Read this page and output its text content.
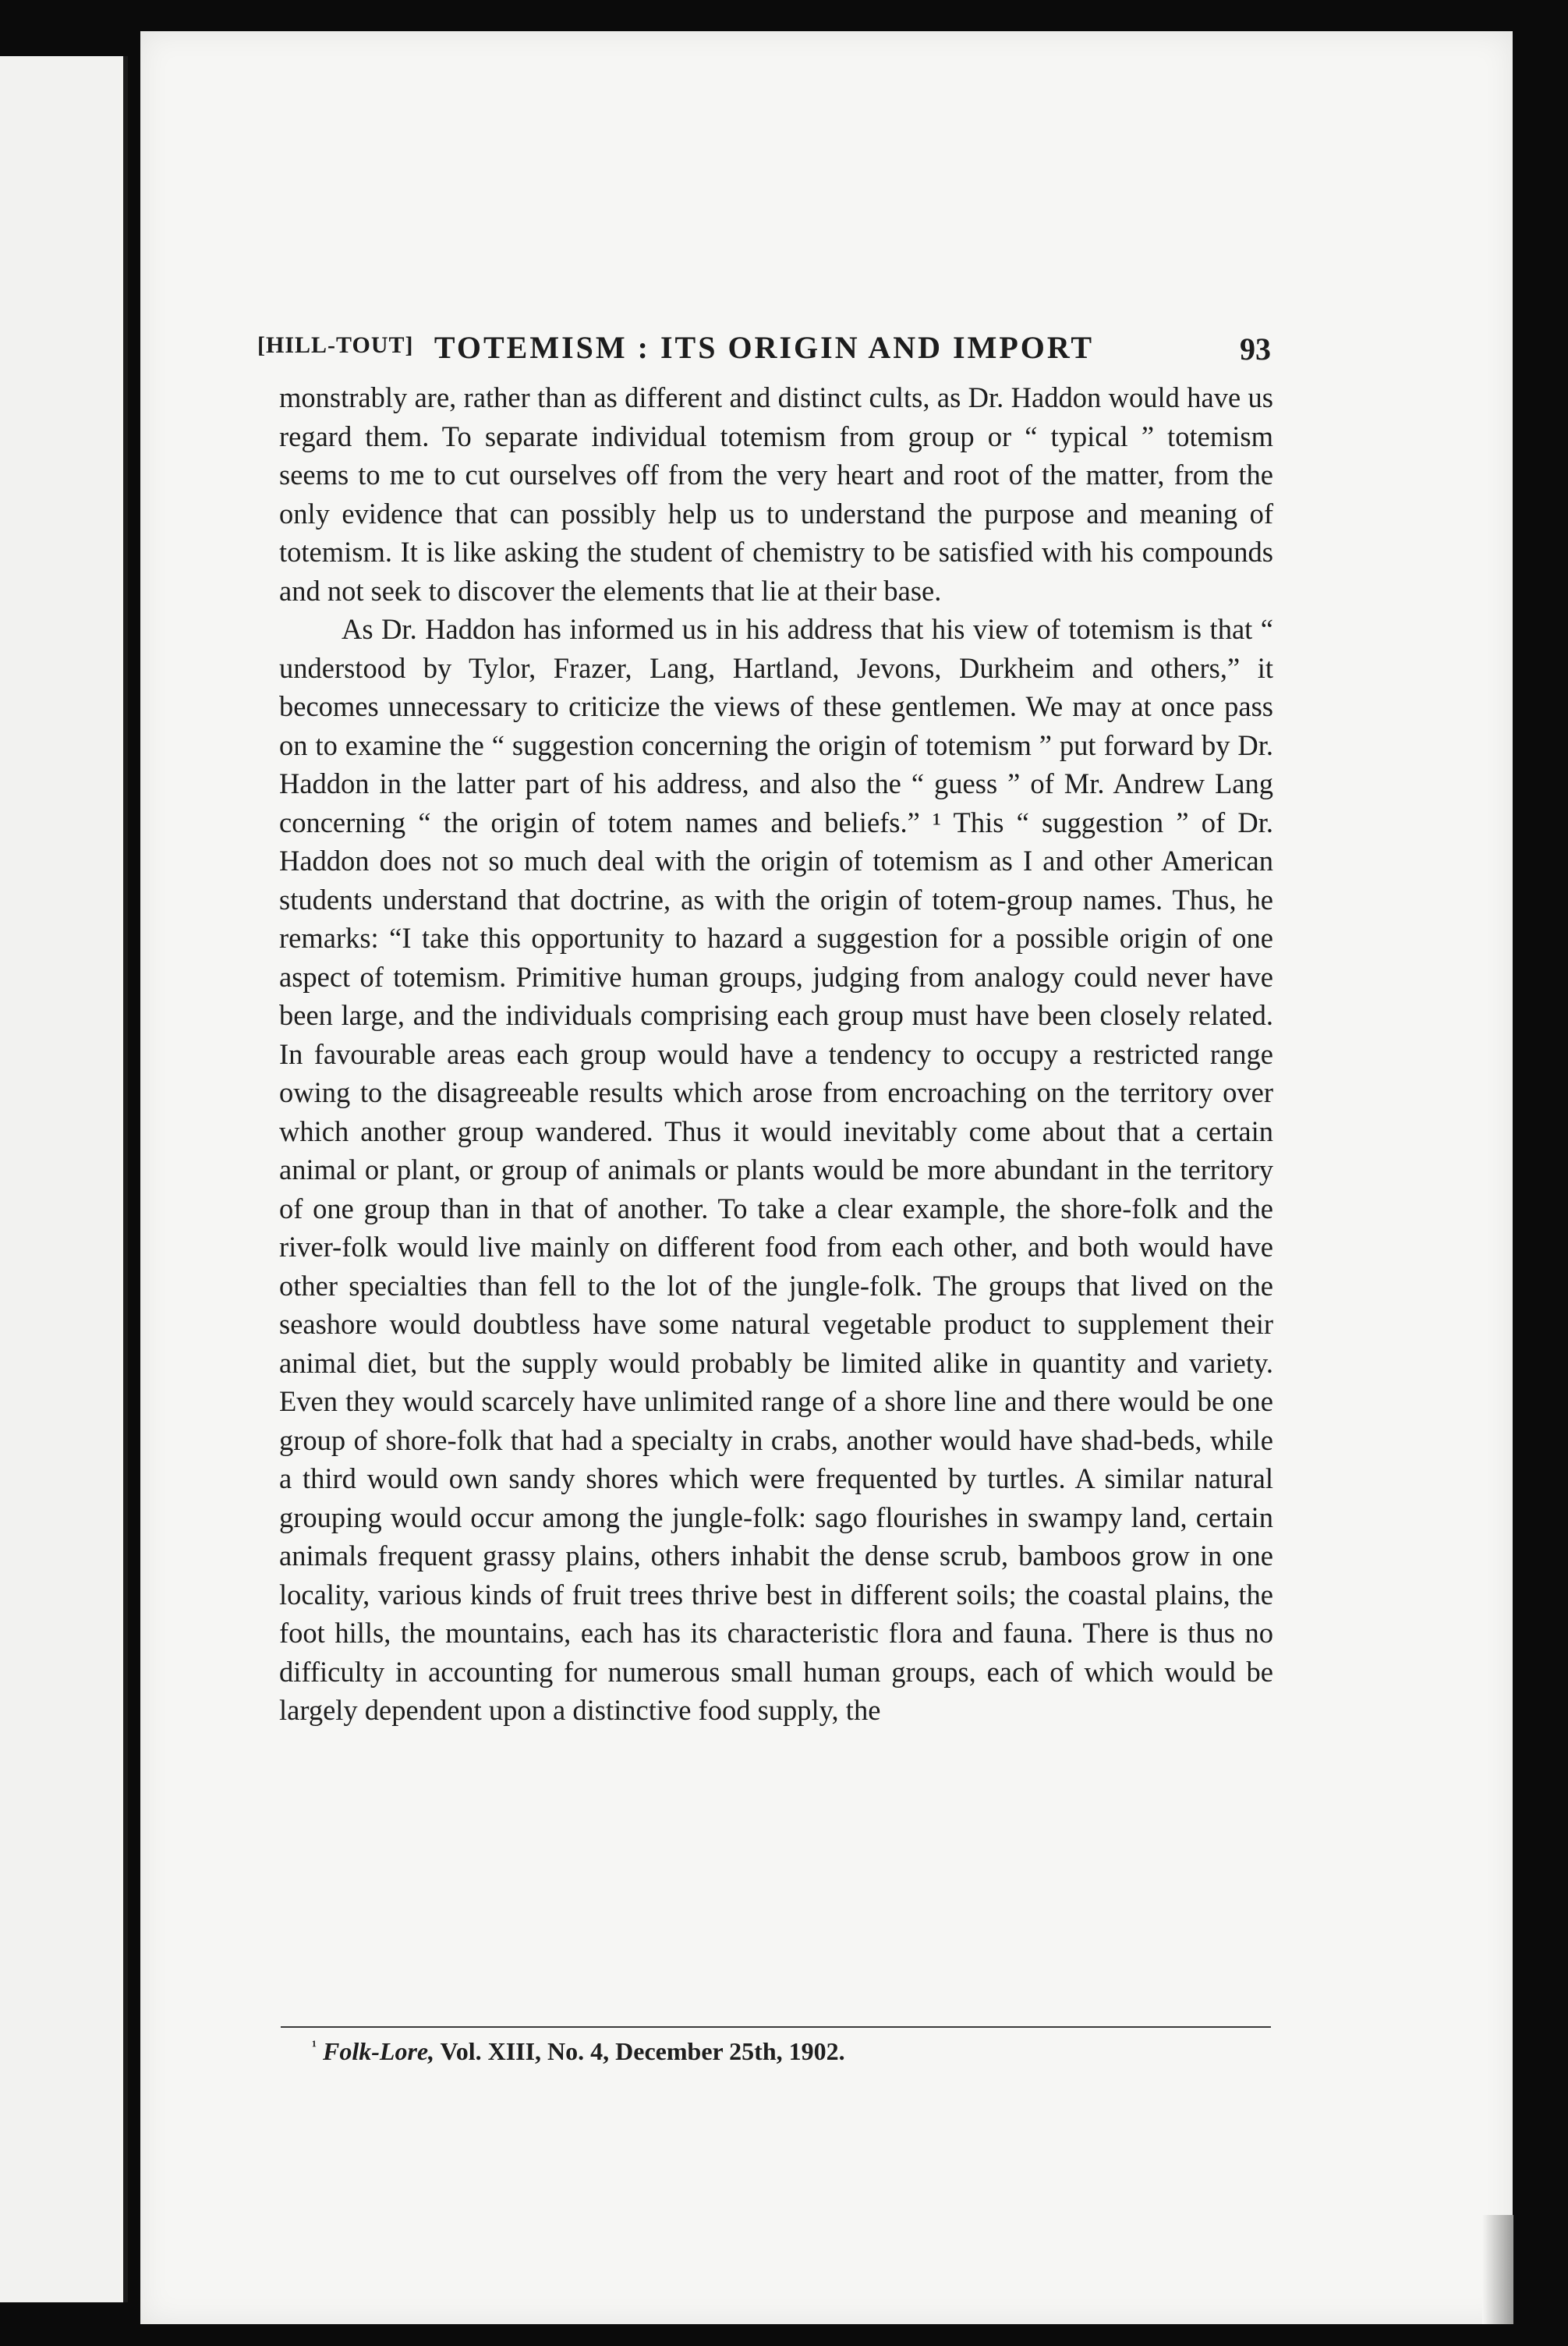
[HILL-TOUT] TOTEMISM : ITS ORIGIN AND IMPORT	93

monstrably are, rather than as different and distinct cults, as Dr. Haddon would have us regard them. To separate individual totemism from group or “ typical ” totemism seems to me to cut ourselves off from the very heart and root of the matter, from the only evidence that can possibly help us to understand the purpose and meaning of totemism. It is like asking the student of chemistry to be satisfied with his compounds and not seek to discover the elements that lie at their base.

As Dr. Haddon has informed us in his address that his view of totemism is that “ understood by Tylor, Frazer, Lang, Hartland, Jevons, Durkheim and others,” it becomes unnecessary to criticize the views of these gentlemen. We may at once pass on to examine the “ suggestion concerning the origin of totemism ” put forward by Dr. Haddon in the latter part of his address, and also the “ guess ” of Mr. Andrew Lang concerning “ the origin of totem names and beliefs.” ¹ This “ suggestion ” of Dr. Haddon does not so much deal with the origin of totemism as I and other American students understand that doctrine, as with the origin of totem-group names. Thus, he remarks: “I take this opportunity to hazard a suggestion for a possible origin of one aspect of totemism. Primitive human groups, judging from analogy could never have been large, and the individuals comprising each group must have been closely related. In favourable areas each group would have a tendency to occupy a restricted range owing to the disagreeable results which arose from encroaching on the territory over which another group wandered. Thus it would inevitably come about that a certain animal or plant, or group of animals or plants would be more abundant in the territory of one group than in that of another. To take a clear example, the shore-folk and the river-folk would live mainly on different food from each other, and both would have other specialties than fell to the lot of the jungle-folk. The groups that lived on the seashore would doubtless have some natural vegetable product to supplement their animal diet, but the supply would probably be limited alike in quantity and variety. Even they would scarcely have unlimited range of a shore line and there would be one group of shore-folk that had a specialty in crabs, another would have shad-beds, while a third would own sandy shores which were frequented by turtles. A similar natural grouping would occur among the jungle-folk: sago flourishes in swampy land, certain animals frequent grassy plains, others inhabit the dense scrub, bamboos grow in one locality, various kinds of fruit trees thrive best in different soils; the coastal plains, the foot hills, the mountains, each has its characteristic flora and fauna. There is thus no difficulty in accounting for numerous small human groups, each of which would be largely dependent upon a distinctive food supply, the

$^{^1}$ Folk-Lore, Vol. XIII, No. 4, December 25th, 1902.
